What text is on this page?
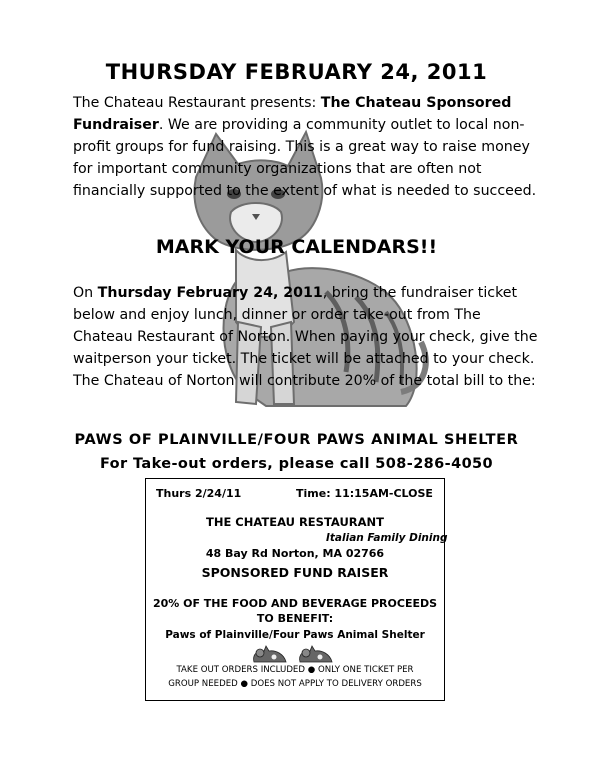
THURSDAY FEBRUARY 24, 2011

The Chateau Restaurant presents: The Chateau Sponsored Fundraiser. We are providing a community outlet to local non-profit groups for fund raising. This is a great way to raise money for important community organizations that are often not financially supported to the extent of what is needed to succeed.

MARK YOUR CALENDARS!!

On Thursday February 24, 2011, bring the fundraiser ticket below and enjoy lunch, dinner or order take-out from The Chateau Restaurant of Norton. When paying your check, give the waitperson your ticket. The ticket will be attached to your check. The Chateau of Norton will contribute 20% of the total bill to the:

PAWS OF PLAINVILLE/FOUR PAWS ANIMAL SHELTER
For Take-out orders, please call 508-286-4050
Thurs 2/24/11	Time: 11:15AM-CLOSE
THE CHATEAU RESTAURANT
Italian Family Dining
48 Bay Rd Norton, MA 02766
SPONSORED FUND RAISER
20% OF THE FOOD AND BEVERAGE PROCEEDS
TO BENEFIT:
Paws of Plainville/Four Paws Animal Shelter
TAKE OUT ORDERS INCLUDED ● ONLY ONE TICKET PER
GROUP NEEDED ● DOES NOT APPLY TO DELIVERY ORDERS
